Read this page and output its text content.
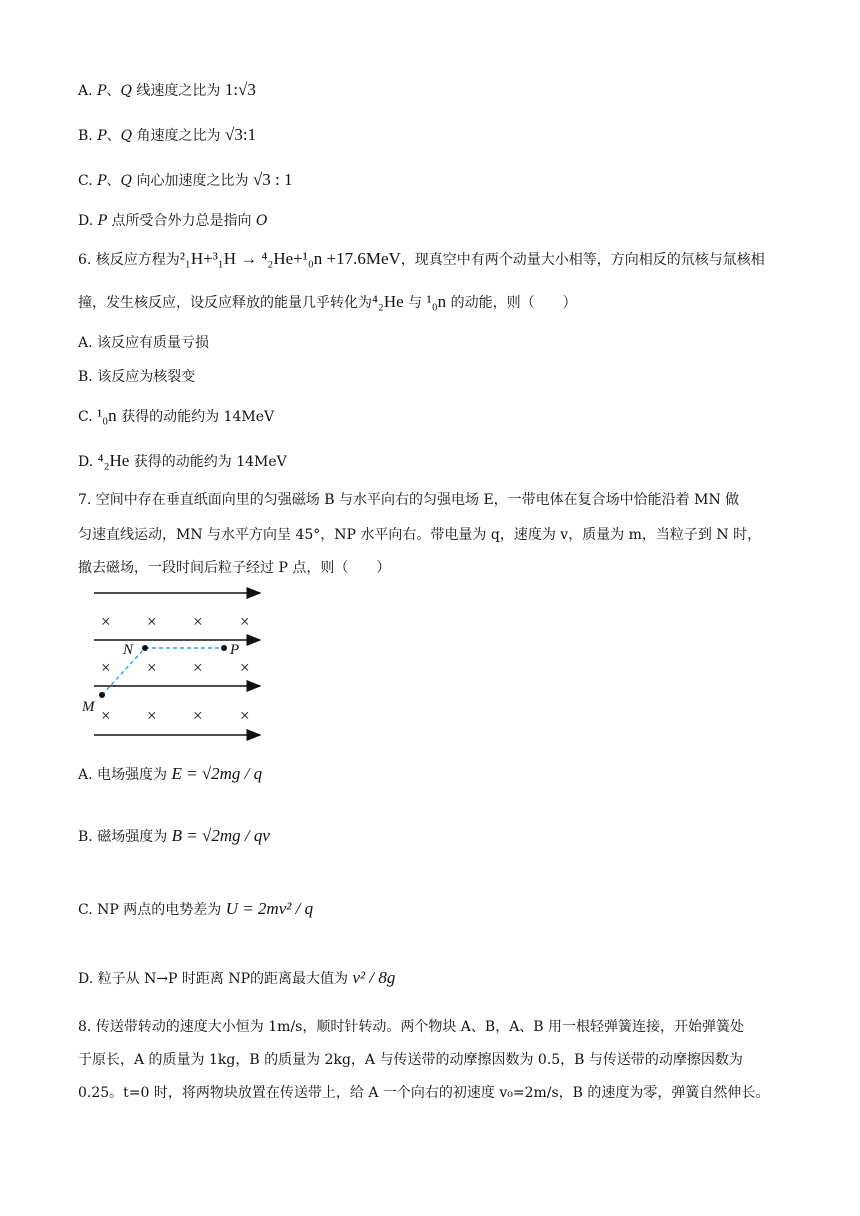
A. P、Q 线速度之比为 1:√3
B. P、Q 角速度之比为 √3:1
C. P、Q 向心加速度之比为 √3 : 1
D. P 点所受合外力总是指向 O
6. 核反应方程为²₁H+³₁H → ⁴₂He+¹₀n +17.6MeV，现真空中有两个动量大小相等，方向相反的氘核与氚核相
撞，发生核反应，设反应释放的能量几乎转化为⁴₂He 与 ¹₀n 的动能，则（　　）
A. 该反应有质量亏损
B. 该反应为核裂变
C. ¹₀n 获得的动能约为 14MeV
D. ⁴₂He 获得的动能约为 14MeV
7. 空间中存在垂直纸面向里的匀强磁场 B 与水平向右的匀强电场 E，一带电体在复合场中恰能沿着 MN 做
匀速直线运动，MN 与水平方向呈 45°，NP 水平向右。带电量为 q，速度为 v，质量为 m，当粒子到 N 时，
撤去磁场，一段时间后粒子经过 P 点，则（　　）
× × × ×
× × × ×
× × × ×
N	P
M
A. 电场强度为 E = √2mg / q
B. 磁场强度为 B = √2mg / qv
C. NP 两点的电势差为 U = 2mv² / q
D. 粒子从 N→P 时距离 NP的距离最大值为 v² / 8g
8. 传送带转动的速度大小恒为 1m/s，顺时针转动。两个物块 A、B，A、B 用一根轻弹簧连接，开始弹簧处
于原长，A 的质量为 1kg，B 的质量为 2kg，A 与传送带的动摩擦因数为 0.5，B 与传送带的动摩擦因数为
0.25。t=0 时，将两物块放置在传送带上，给 A 一个向右的初速度 v₀=2m/s，B 的速度为零，弹簧自然伸长。
